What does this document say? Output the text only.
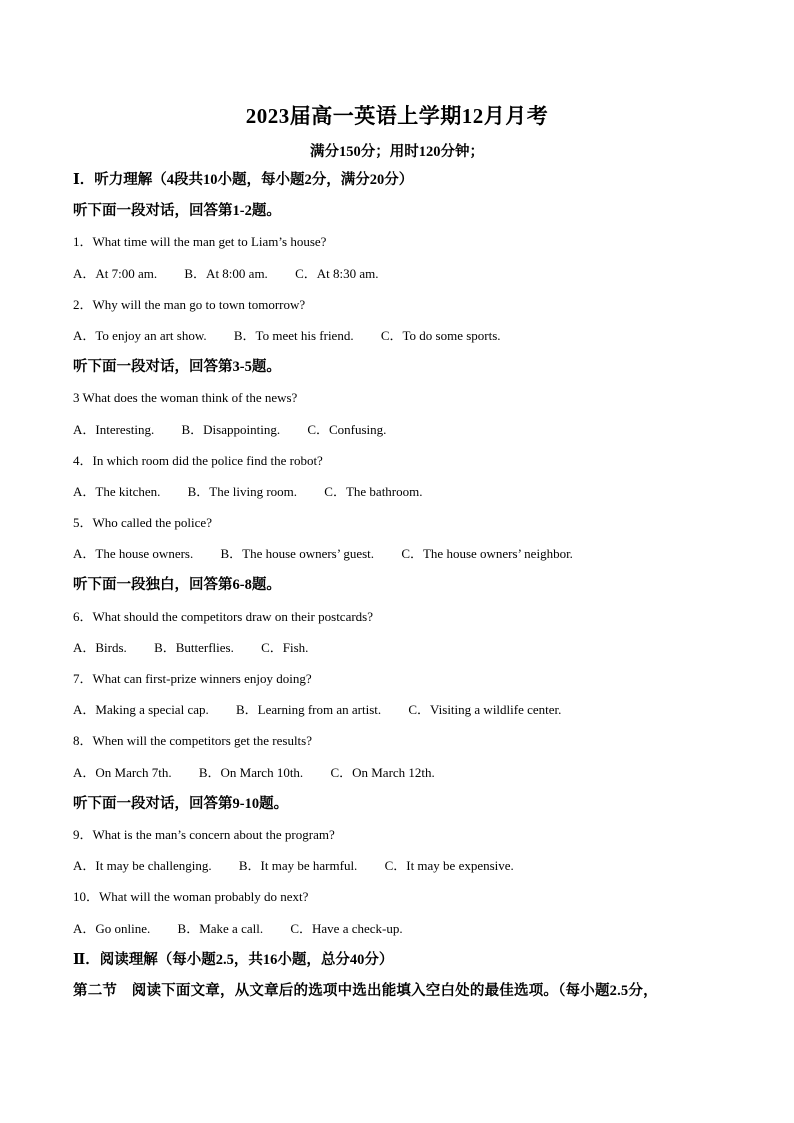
2023届高一英语上学期12月月考
满分150分；用时120分钟；
Ⅰ．听力理解（4段共10小题，每小题2分，满分20分）
听下面一段对话，回答第1-2题。
1．What time will the man get to Liam’s house?
A．At 7:00 am. B．At 8:00 am. C．At 8:30 am.
2．Why will the man go to town tomorrow?
A．To enjoy an art show. B．To meet his friend. C．To do some sports.
听下面一段对话，回答第3-5题。
3 What does the woman think of the news?
A．Interesting. B．Disappointing. C．Confusing.
4．In which room did the police find the robot?
A．The kitchen. B．The living room. C．The bathroom.
5．Who called the police?
A．The house owners. B．The house owners’ guest. C．The house owners’ neighbor.
听下面一段独白，回答第6-8题。
6．What should the competitors draw on their postcards?
A．Birds. B．Butterflies. C．Fish.
7．What can first-prize winners enjoy doing?
A．Making a special cap. B．Learning from an artist. C．Visiting a wildlife center.
8．When will the competitors get the results?
A．On March 7th. B．On March 10th. C．On March 12th.
听下面一段对话，回答第9-10题。
9．What is the man’s concern about the program?
A．It may be challenging. B．It may be harmful. C．It may be expensive.
10．What will the woman probably do next?
A．Go online. B．Make a call. C．Have a check-up.
Ⅱ．阅读理解（每小题2.5，共16小题，总分40分）
第二节　阅读下面文章，从文章后的选项中选出能填入空白处的最佳选项。（每小题2.5分，
